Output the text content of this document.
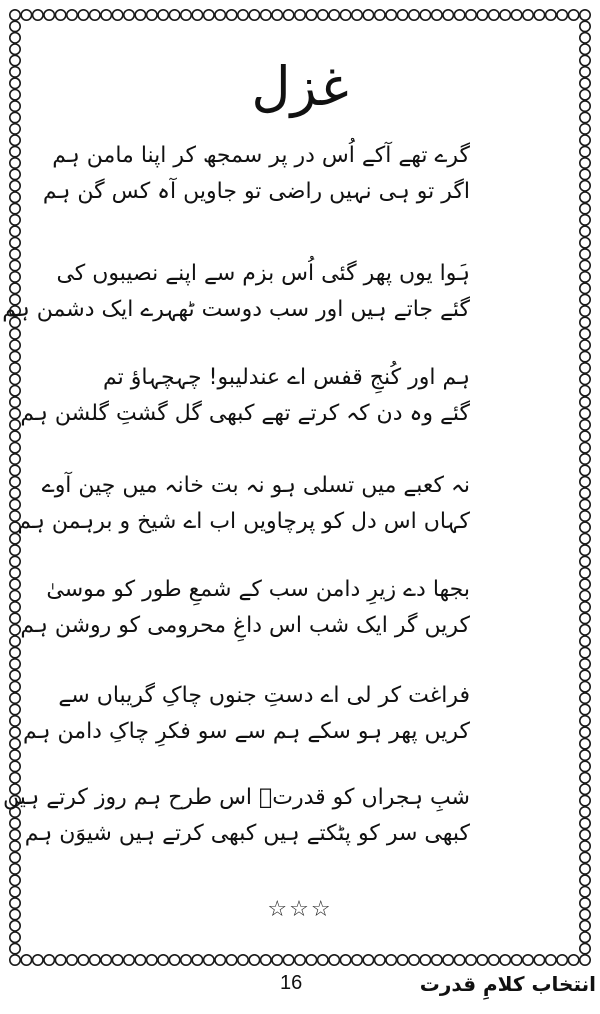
غزل
گرے تھے آکے اُس در پر سمجھ کر اپنا مامن ہم
اگر تو ہی نہیں راضی تو جاویں آہ کس گن ہم
ہَوا یوں پھر گئی اُس بزم سے اپنے نصیبوں کی
گئے جاتے ہیں اور سب دوست ٹھہرے ایک دشمن ہم
ہم اور کُنجِ قفس اے عندلیبو! چہچہاؤ تم
گئے وہ دن کہ کرتے تھے کبھی گل گشتِ گلشن ہم
نہ کعبے میں تسلی ہو نہ بت خانہ میں چین آوے
کہاں اس دل کو پرچاویں اب اے شیخ و برہمن ہم
بجھا دے زیرِ دامن سب کے شمعِ طور کو موسیٰ
کریں گر ایک شب اس داغِ محرومی کو روشن ہم
فراغت کر لی اے دستِ جنوں چاکِ گریباں سے
کریں پھر ہو سکے ہم سے سو فکرِ چاکِ دامن ہم
شبِ ہجراں کو قدرتؔ اس طرح ہم روز کرتے ہیں
کبھی سر کو پٹکتے ہیں کبھی کرتے ہیں شیوَن ہم
☆☆☆
انتخاب کلامِ قدرت
16
